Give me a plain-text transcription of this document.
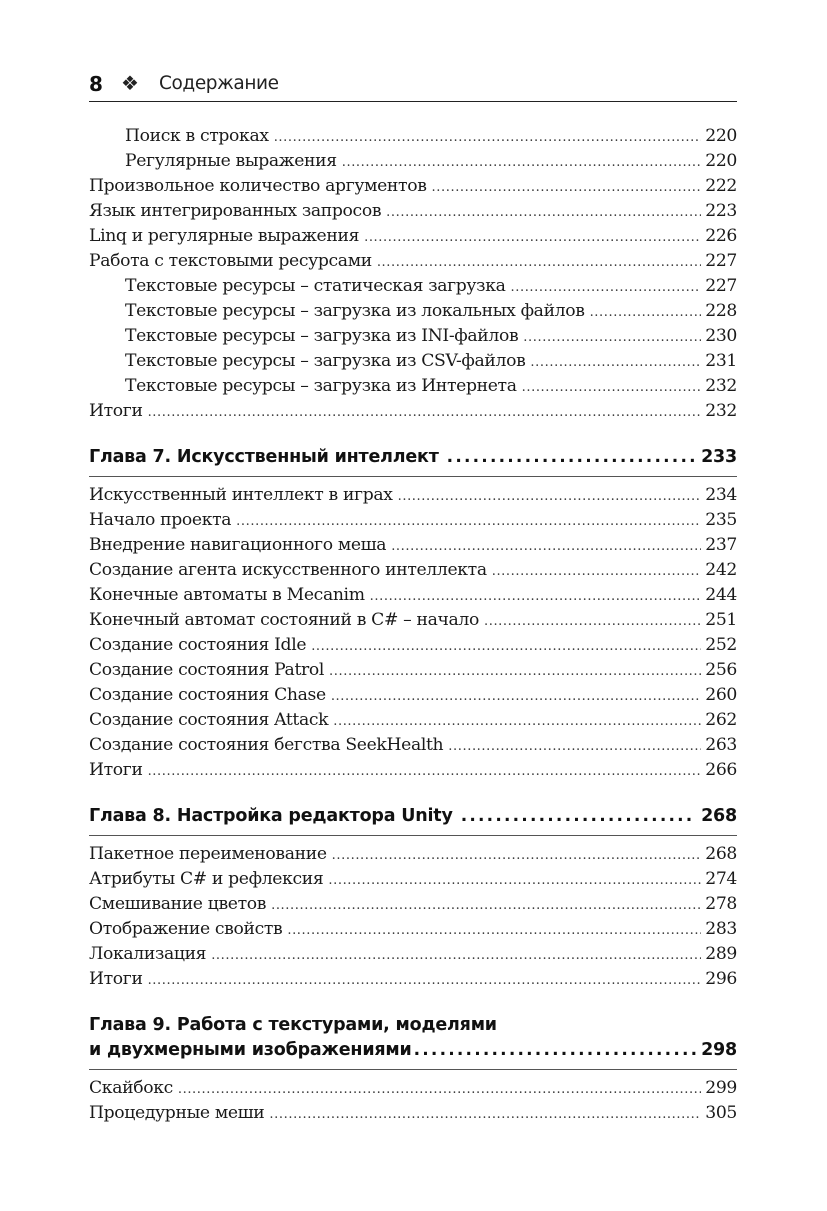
8 ❖ Содержание
Поиск в строках .....	220
Регулярные выражения .....	220
Произвольное количество аргументов .....	222
Язык интегрированных запросов .....	223
Linq и регулярные выражения .....	226
Работа с текстовыми ресурсами .....	227
Текстовые ресурсы – статическая загрузка .....	227
Текстовые ресурсы – загрузка из локальных файлов .....	228
Текстовые ресурсы – загрузка из INI-файлов .....	230
Текстовые ресурсы – загрузка из CSV-файлов .....	231
Текстовые ресурсы – загрузка из Интернета .....	232
Итоги .....	232
Глава 7. Искусственный интеллект .....	233
Искусственный интеллект в играх .....	234
Начало проекта .....	235
Внедрение навигационного меша .....	237
Создание агента искусственного интеллекта .....	242
Конечные автоматы в Mecanim .....	244
Конечный автомат состояний в C# – начало .....	251
Создание состояния Idle .....	252
Создание состояния Patrol .....	256
Создание состояния Chase .....	260
Создание состояния Attack .....	262
Создание состояния бегства SeekHealth .....	263
Итоги .....	266
Глава 8. Настройка редактора Unity .....	268
Пакетное переименование .....	268
Атрибуты C# и рефлексия .....	274
Смешивание цветов .....	278
Отображение свойств .....	283
Локализация .....	289
Итоги .....	296
Глава 9. Работа с текстурами, моделями
и двухмерными изображениями .....	298
Скайбокс .....	299
Процедурные меши .....	305
